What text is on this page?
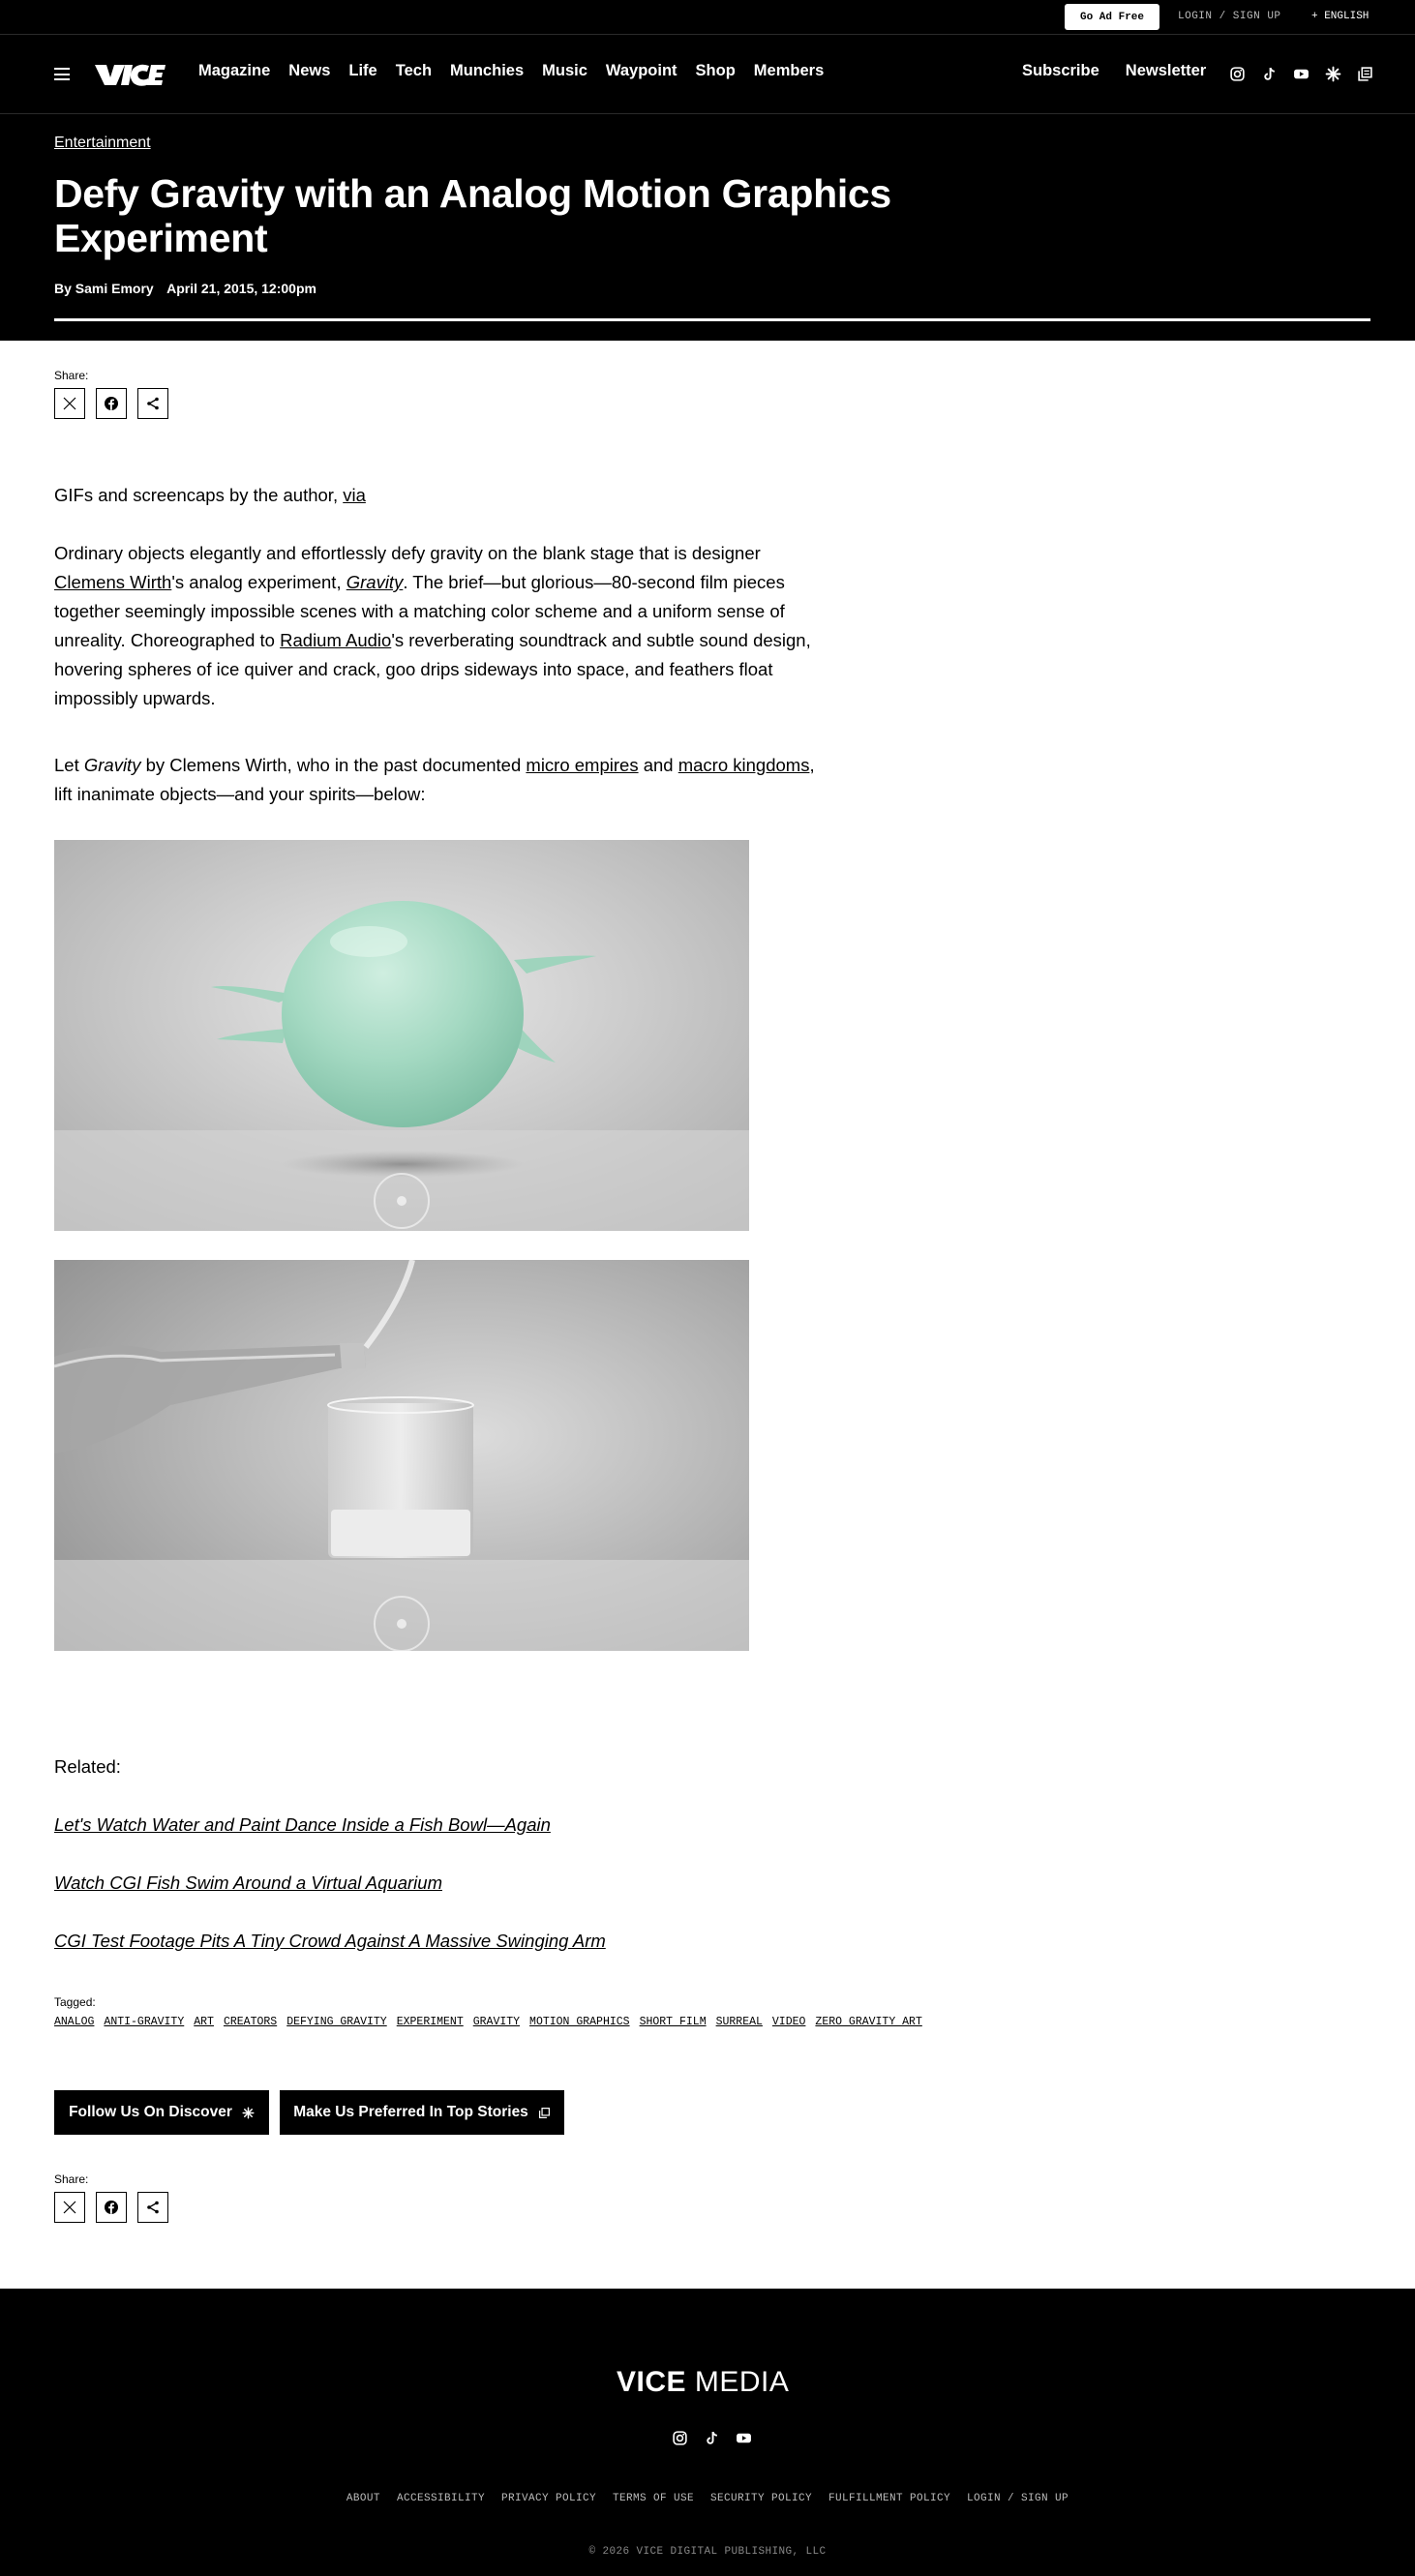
Go Ad Free	LOGIN / SIGN UP	+ ENGLISH
Magazine News Life Tech Munchies Music Waypoint Shop Members	Subscribe Newsletter
Entertainment
Defy Gravity with an Analog Motion Graphics Experiment
By Sami Emory April 21, 2015, 12:00pm
Share:

GIFs and screencaps by the author, via

Ordinary objects elegantly and effortlessly defy gravity on the blank stage that is designer Clemens Wirth's analog experiment, Gravity. The brief—but glorious—80-second film pieces together seemingly impossible scenes with a matching color scheme and a uniform sense of unreality. Choreographed to Radium Audio's reverberating soundtrack and subtle sound design, hovering spheres of ice quiver and crack, goo drips sideways into space, and feathers float impossibly upwards.

Let Gravity by Clemens Wirth, who in the past documented micro empires and macro kingdoms, lift inanimate objects—and your spirits—below:

Related:
Let's Watch Water and Paint Dance Inside a Fish Bowl—Again
Watch CGI Fish Swim Around a Virtual Aquarium
CGI Test Footage Pits A Tiny Crowd Against A Massive Swinging Arm
Tagged:
ANALOG ANTI-GRAVITY ART CREATORS DEFYING GRAVITY EXPERIMENT GRAVITY MOTION GRAPHICS SHORT FILM SURREAL VIDEO ZERO GRAVITY ART
Follow Us On Discover	Make Us Preferred In Top Stories
Share:
VICE MEDIA
ABOUT ACCESSIBILITY PRIVACY POLICY TERMS OF USE SECURITY POLICY FULFILLMENT POLICY LOGIN / SIGN UP
© 2026 VICE DIGITAL PUBLISHING, LLC
